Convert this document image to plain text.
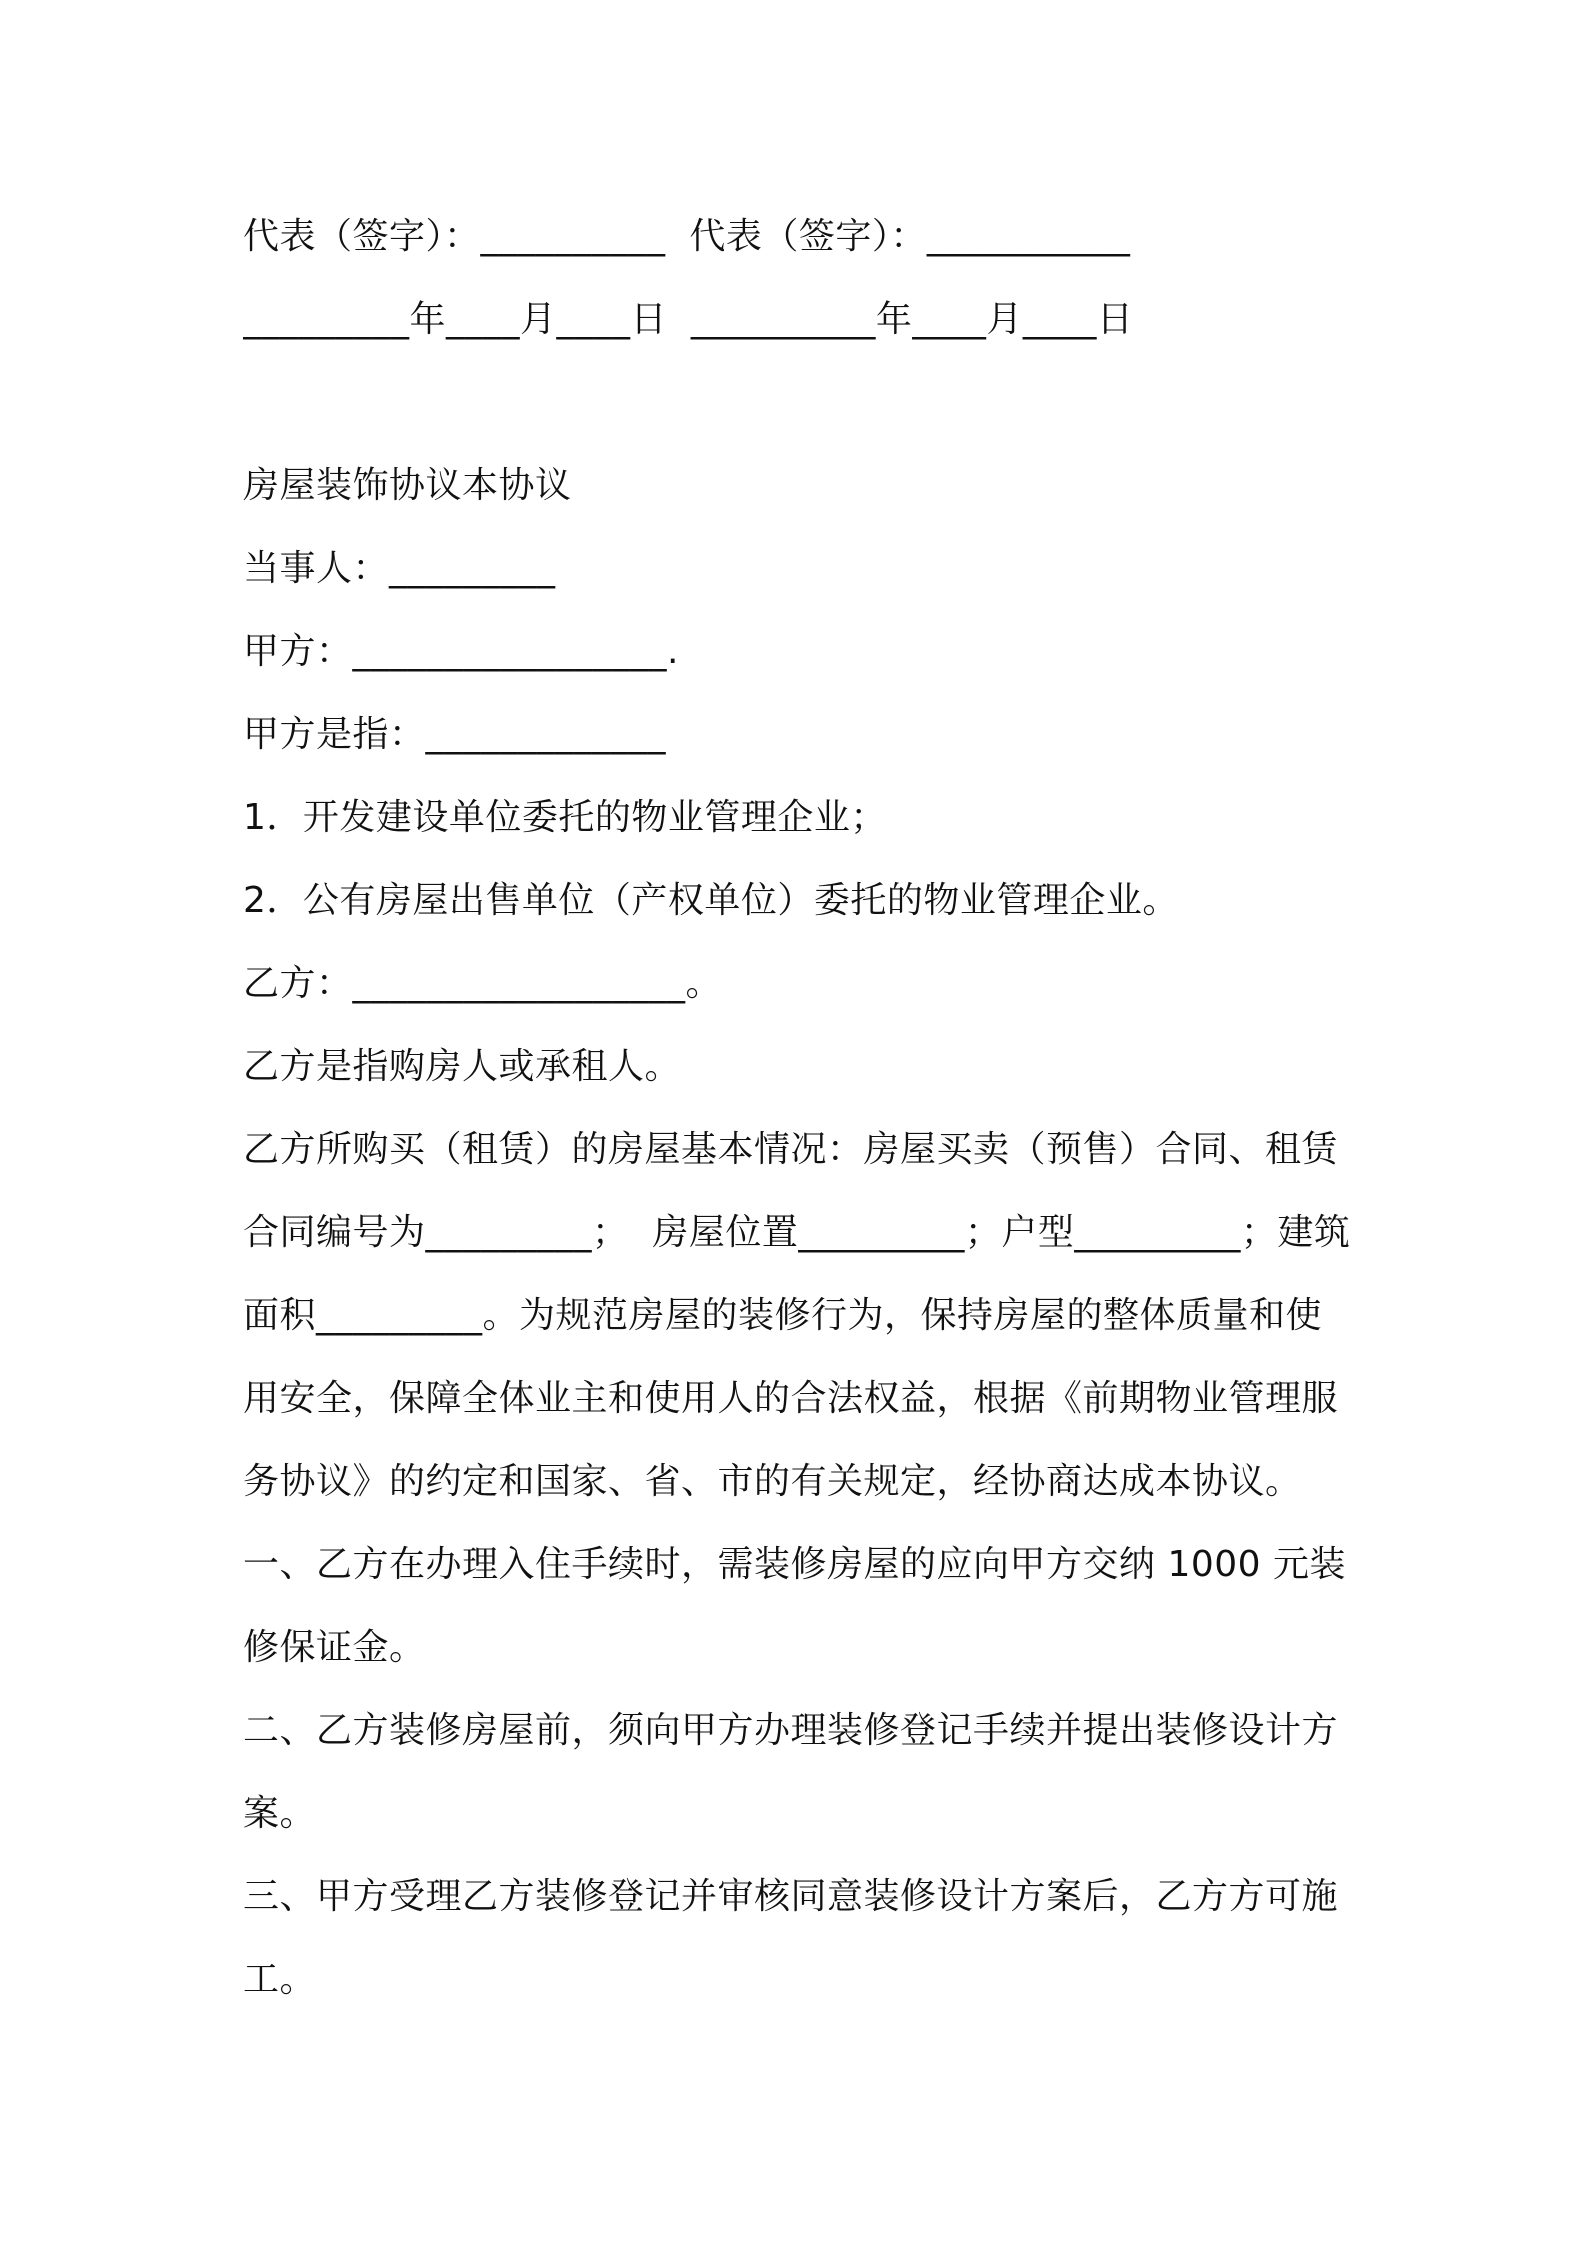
代表（签字）：__________  代表（签字）：___________
_________年____月____日  __________年____月____日
房屋装饰协议本协议
当事人：_________
甲方：_________________.
甲方是指：_____________
1．开发建设单位委托的物业管理企业；
2．公有房屋出售单位（产权单位）委托的物业管理企业。
乙方：__________________。
乙方是指购房人或承租人。
乙方所购买（租赁）的房屋基本情况：房屋买卖（预售）合同、租赁
合同编号为_________；  房屋位置_________；户型_________；建筑
面积_________。为规范房屋的装修行为，保持房屋的整体质量和使
用安全，保障全体业主和使用人的合法权益，根据《前期物业管理服
务协议》的约定和国家、省、市的有关规定，经协商达成本协议。
一、乙方在办理入住手续时，需装修房屋的应向甲方交纳 1000 元装
修保证金。
二、乙方装修房屋前，须向甲方办理装修登记手续并提出装修设计方
案。
三、甲方受理乙方装修登记并审核同意装修设计方案后，乙方方可施
工。
